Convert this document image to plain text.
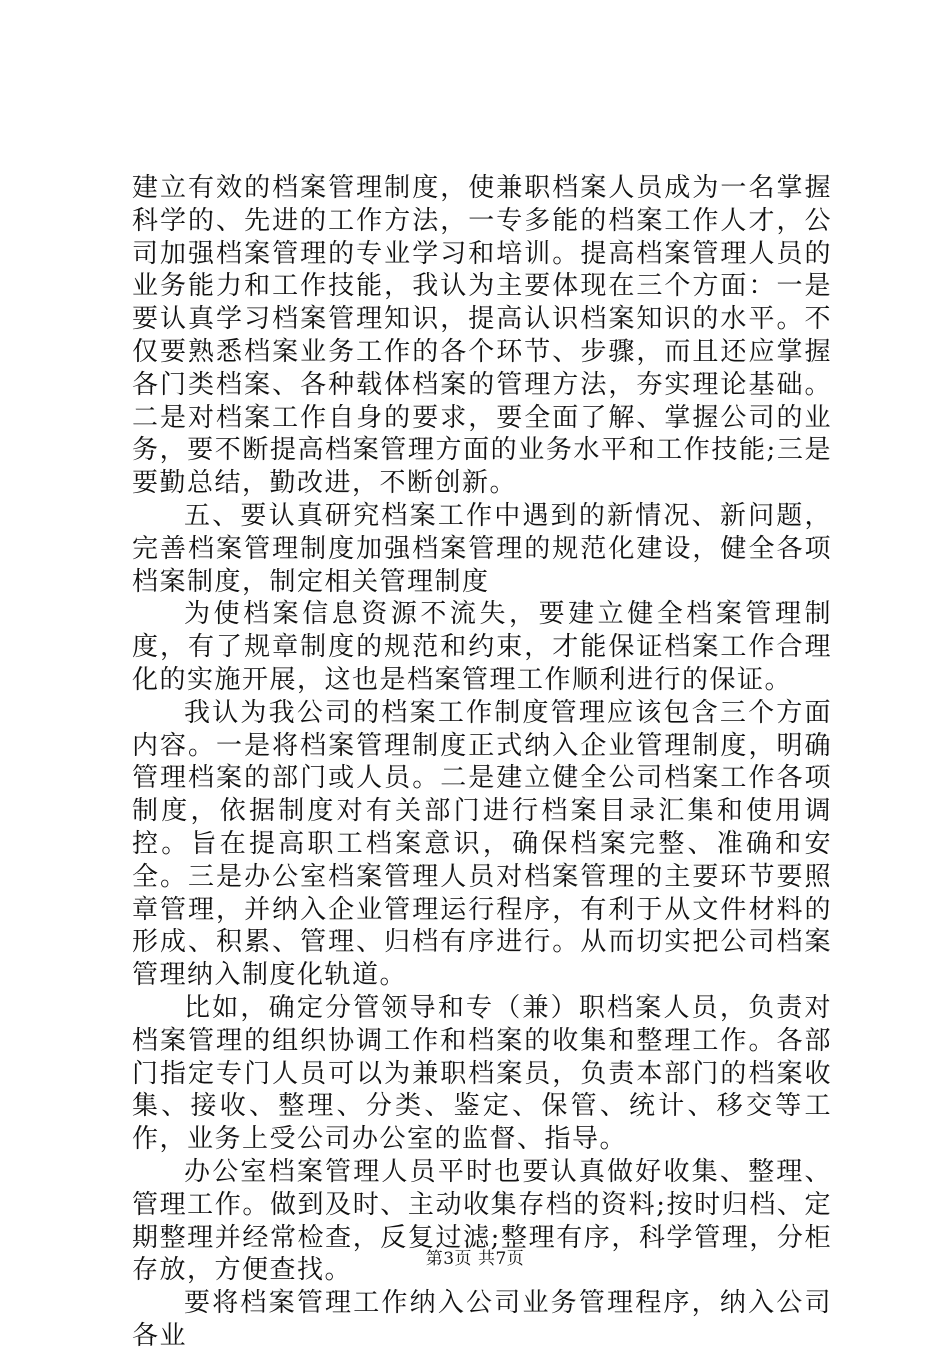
建立有效的档案管理制度，使兼职档案人员成为一名掌握科学的、先进的工作方法，一专多能的档案工作人才，公司加强档案管理的专业学习和培训。提高档案管理人员的业务能力和工作技能，我认为主要体现在三个方面：一是要认真学习档案管理知识，提高认识档案知识的水平。不仅要熟悉档案业务工作的各个环节、步骤，而且还应掌握各门类档案、各种载体档案的管理方法，夯实理论基础。二是对档案工作自身的要求，要全面了解、掌握公司的业务，要不断提高档案管理方面的业务水平和工作技能;三是要勤总结，勤改进，不断创新。

五、要认真研究档案工作中遇到的新情况、新问题，完善档案管理制度加强档案管理的规范化建设，健全各项档案制度，制定相关管理制度

为使档案信息资源不流失，要建立健全档案管理制度，有了规章制度的规范和约束，才能保证档案工作合理化的实施开展，这也是档案管理工作顺利进行的保证。

我认为我公司的档案工作制度管理应该包含三个方面内容。一是将档案管理制度正式纳入企业管理制度，明确管理档案的部门或人员。二是建立健全公司档案工作各项制度，依据制度对有关部门进行档案目录汇集和使用调控。旨在提高职工档案意识，确保档案完整、准确和安全。三是办公室档案管理人员对档案管理的主要环节要照章管理，并纳入企业管理运行程序，有利于从文件材料的形成、积累、管理、归档有序进行。从而切实把公司档案管理纳入制度化轨道。

比如，确定分管领导和专（兼）职档案人员，负责对档案管理的组织协调工作和档案的收集和整理工作。各部门指定专门人员可以为兼职档案员，负责本部门的档案收集、接收、整理、分类、鉴定、保管、统计、移交等工作，业务上受公司办公室的监督、指导。

办公室档案管理人员平时也要认真做好收集、整理、管理工作。做到及时、主动收集存档的资料;按时归档、定期整理并经常检查，反复过滤;整理有序，科学管理，分柜存放，方便查找。

要将档案管理工作纳入公司业务管理程序，纳入公司各业

第3页 共7页
